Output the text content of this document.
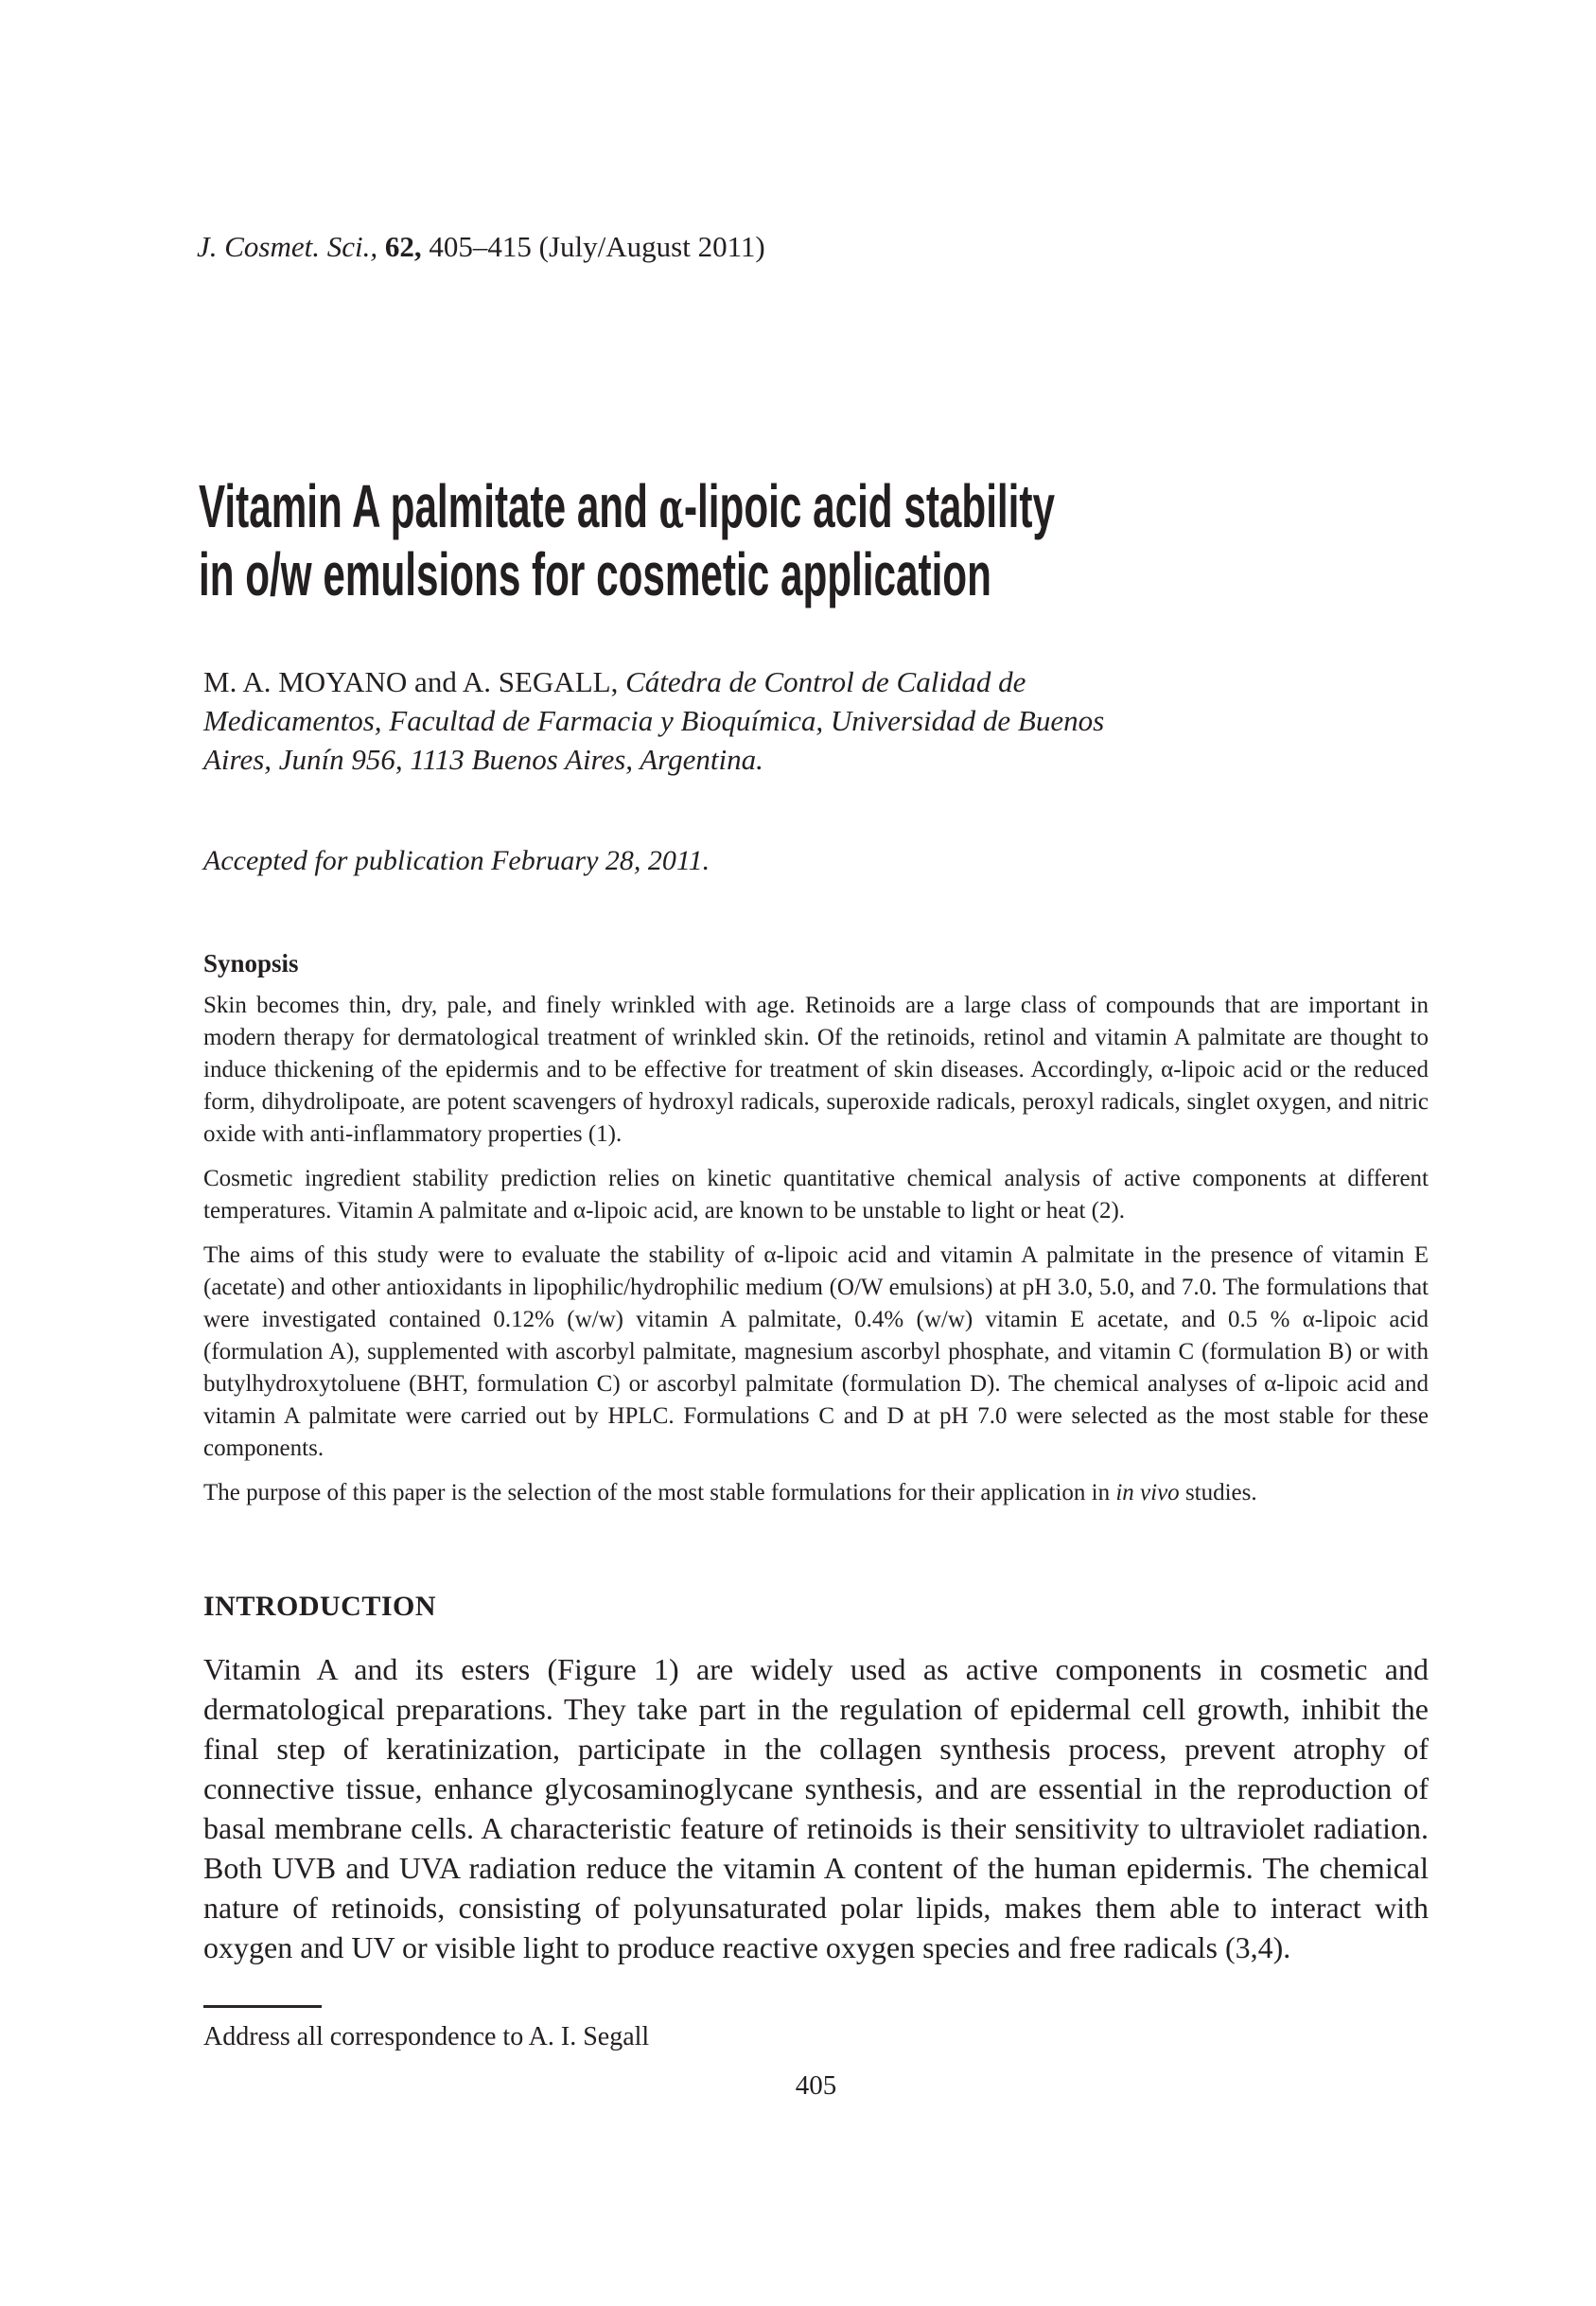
J. Cosmet. Sci., 62, 405–415 (July/August 2011)
Vitamin A palmitate and α-lipoic acid stability
in o/w emulsions for cosmetic application
M. A. MOYANO and A. SEGALL, Cátedra de Control de Calidad de Medicamentos, Facultad de Farmacia y Bioquímica, Universidad de Buenos Aires, Junín 956, 1113 Buenos Aires, Argentina.
Accepted for publication February 28, 2011.
Synopsis

Skin becomes thin, dry, pale, and finely wrinkled with age. Retinoids are a large class of compounds that are important in modern therapy for dermatological treatment of wrinkled skin. Of the retinoids, retinol and vitamin A palmitate are thought to induce thickening of the epidermis and to be effective for treatment of skin diseases. Accordingly, α-lipoic acid or the reduced form, dihydrolipoate, are potent scavengers of hydroxyl radicals, superoxide radicals, peroxyl radicals, singlet oxygen, and nitric oxide with anti-inflammatory properties (1).

Cosmetic ingredient stability prediction relies on kinetic quantitative chemical analysis of active components at different temperatures. Vitamin A palmitate and α-lipoic acid, are known to be unstable to light or heat (2).

The aims of this study were to evaluate the stability of α-lipoic acid and vitamin A palmitate in the presence of vitamin E (acetate) and other antioxidants in lipophilic/hydrophilic medium (O/W emulsions) at pH 3.0, 5.0, and 7.0. The formulations that were investigated contained 0.12% (w/w) vitamin A palmitate, 0.4% (w/w) vitamin E acetate, and 0.5 % α-lipoic acid (formulation A), supplemented with ascorbyl palmitate, magnesium ascorbyl phosphate, and vitamin C (formulation B) or with butylhydroxytoluene (BHT, formulation C) or ascorbyl palmitate (formulation D). The chemical analyses of α-lipoic acid and vitamin A palmitate were carried out by HPLC. Formulations C and D at pH 7.0 were selected as the most stable for these components.

The purpose of this paper is the selection of the most stable formulations for their application in in vivo studies.

INTRODUCTION

Vitamin A and its esters (Figure 1) are widely used as active components in cosmetic and dermatological preparations. They take part in the regulation of epidermal cell growth, inhibit the final step of keratinization, participate in the collagen synthesis process, prevent atrophy of connective tissue, enhance glycosaminoglycane synthesis, and are essential in the reproduction of basal membrane cells. A characteristic feature of retinoids is their sensitivity to ultraviolet radiation. Both UVB and UVA radiation reduce the vitamin A content of the human epidermis. The chemical nature of retinoids, consisting of polyunsaturated polar lipids, makes them able to interact with oxygen and UV or visible light to produce reactive oxygen species and free radicals (3,4).

Address all correspondence to A. I. Segall
405
